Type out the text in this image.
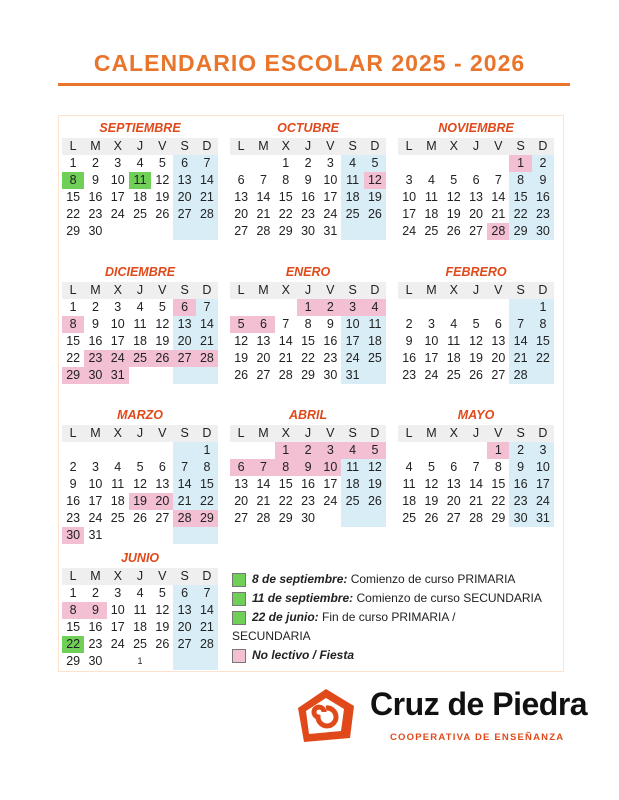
CALENDARIO ESCOLAR 2025 - 2026
SEPTIEMBRE
L	M	X	J	V	S	D
1	2	3	4	5	6	7
8	9	10	11	12	13	14
15	16	17	18	19	20	21
22	23	24	25	26	27	28
29	30					
OCTUBRE
L	M	X	J	V	S	D
		1	2	3	4	5
6	7	8	9	10	11	12
13	14	15	16	17	18	19
20	21	22	23	24	25	26
27	28	29	30	31		
NOVIEMBRE
L	M	X	J	V	S	D
					1	2
3	4	5	6	7	8	9
10	11	12	13	14	15	16
17	18	19	20	21	22	23
24	25	26	27	28	29	30
DICIEMBRE
L	M	X	J	V	S	D
1	2	3	4	5	6	7
8	9	10	11	12	13	14
15	16	17	18	19	20	21
22	23	24	25	26	27	28
29	30	31				
ENERO
L	M	X	J	V	S	D
			1	2	3	4
5	6	7	8	9	10	11
12	13	14	15	16	17	18
19	20	21	22	23	24	25
26	27	28	29	30	31	
FEBRERO
L	M	X	J	V	S	D
						1
2	3	4	5	6	7	8
9	10	11	12	13	14	15
16	17	18	19	20	21	22
23	24	25	26	27	28	
MARZO
L	M	X	J	V	S	D
						1
2	3	4	5	6	7	8
9	10	11	12	13	14	15
16	17	18	19	20	21	22
23	24	25	26	27	28	29
30	31					
ABRIL
L	M	X	J	V	S	D
		1	2	3	4	5
6	7	8	9	10	11	12
13	14	15	16	17	18	19
20	21	22	23	24	25	26
27	28	29	30			
MAYO
L	M	X	J	V	S	D
				1	2	3
4	5	6	7	8	9	10
11	12	13	14	15	16	17
18	19	20	21	22	23	24
25	26	27	28	29	30	31
JUNIO
L	M	X	J	V	S	D
1	2	3	4	5	6	7
8	9	10	11	12	13	14
15	16	17	18	19	20	21
22	23	24	25	26	27	28
29	30		1			
8 de septiembre: Comienzo de curso PRIMARIA
11 de septiembre: Comienzo de curso SECUNDARIA
22 de junio: Fin de curso PRIMARIA /
SECUNDARIA
No lectivo / Fiesta
Cruz de Piedra
COOPERATIVA DE ENSEÑANZA
